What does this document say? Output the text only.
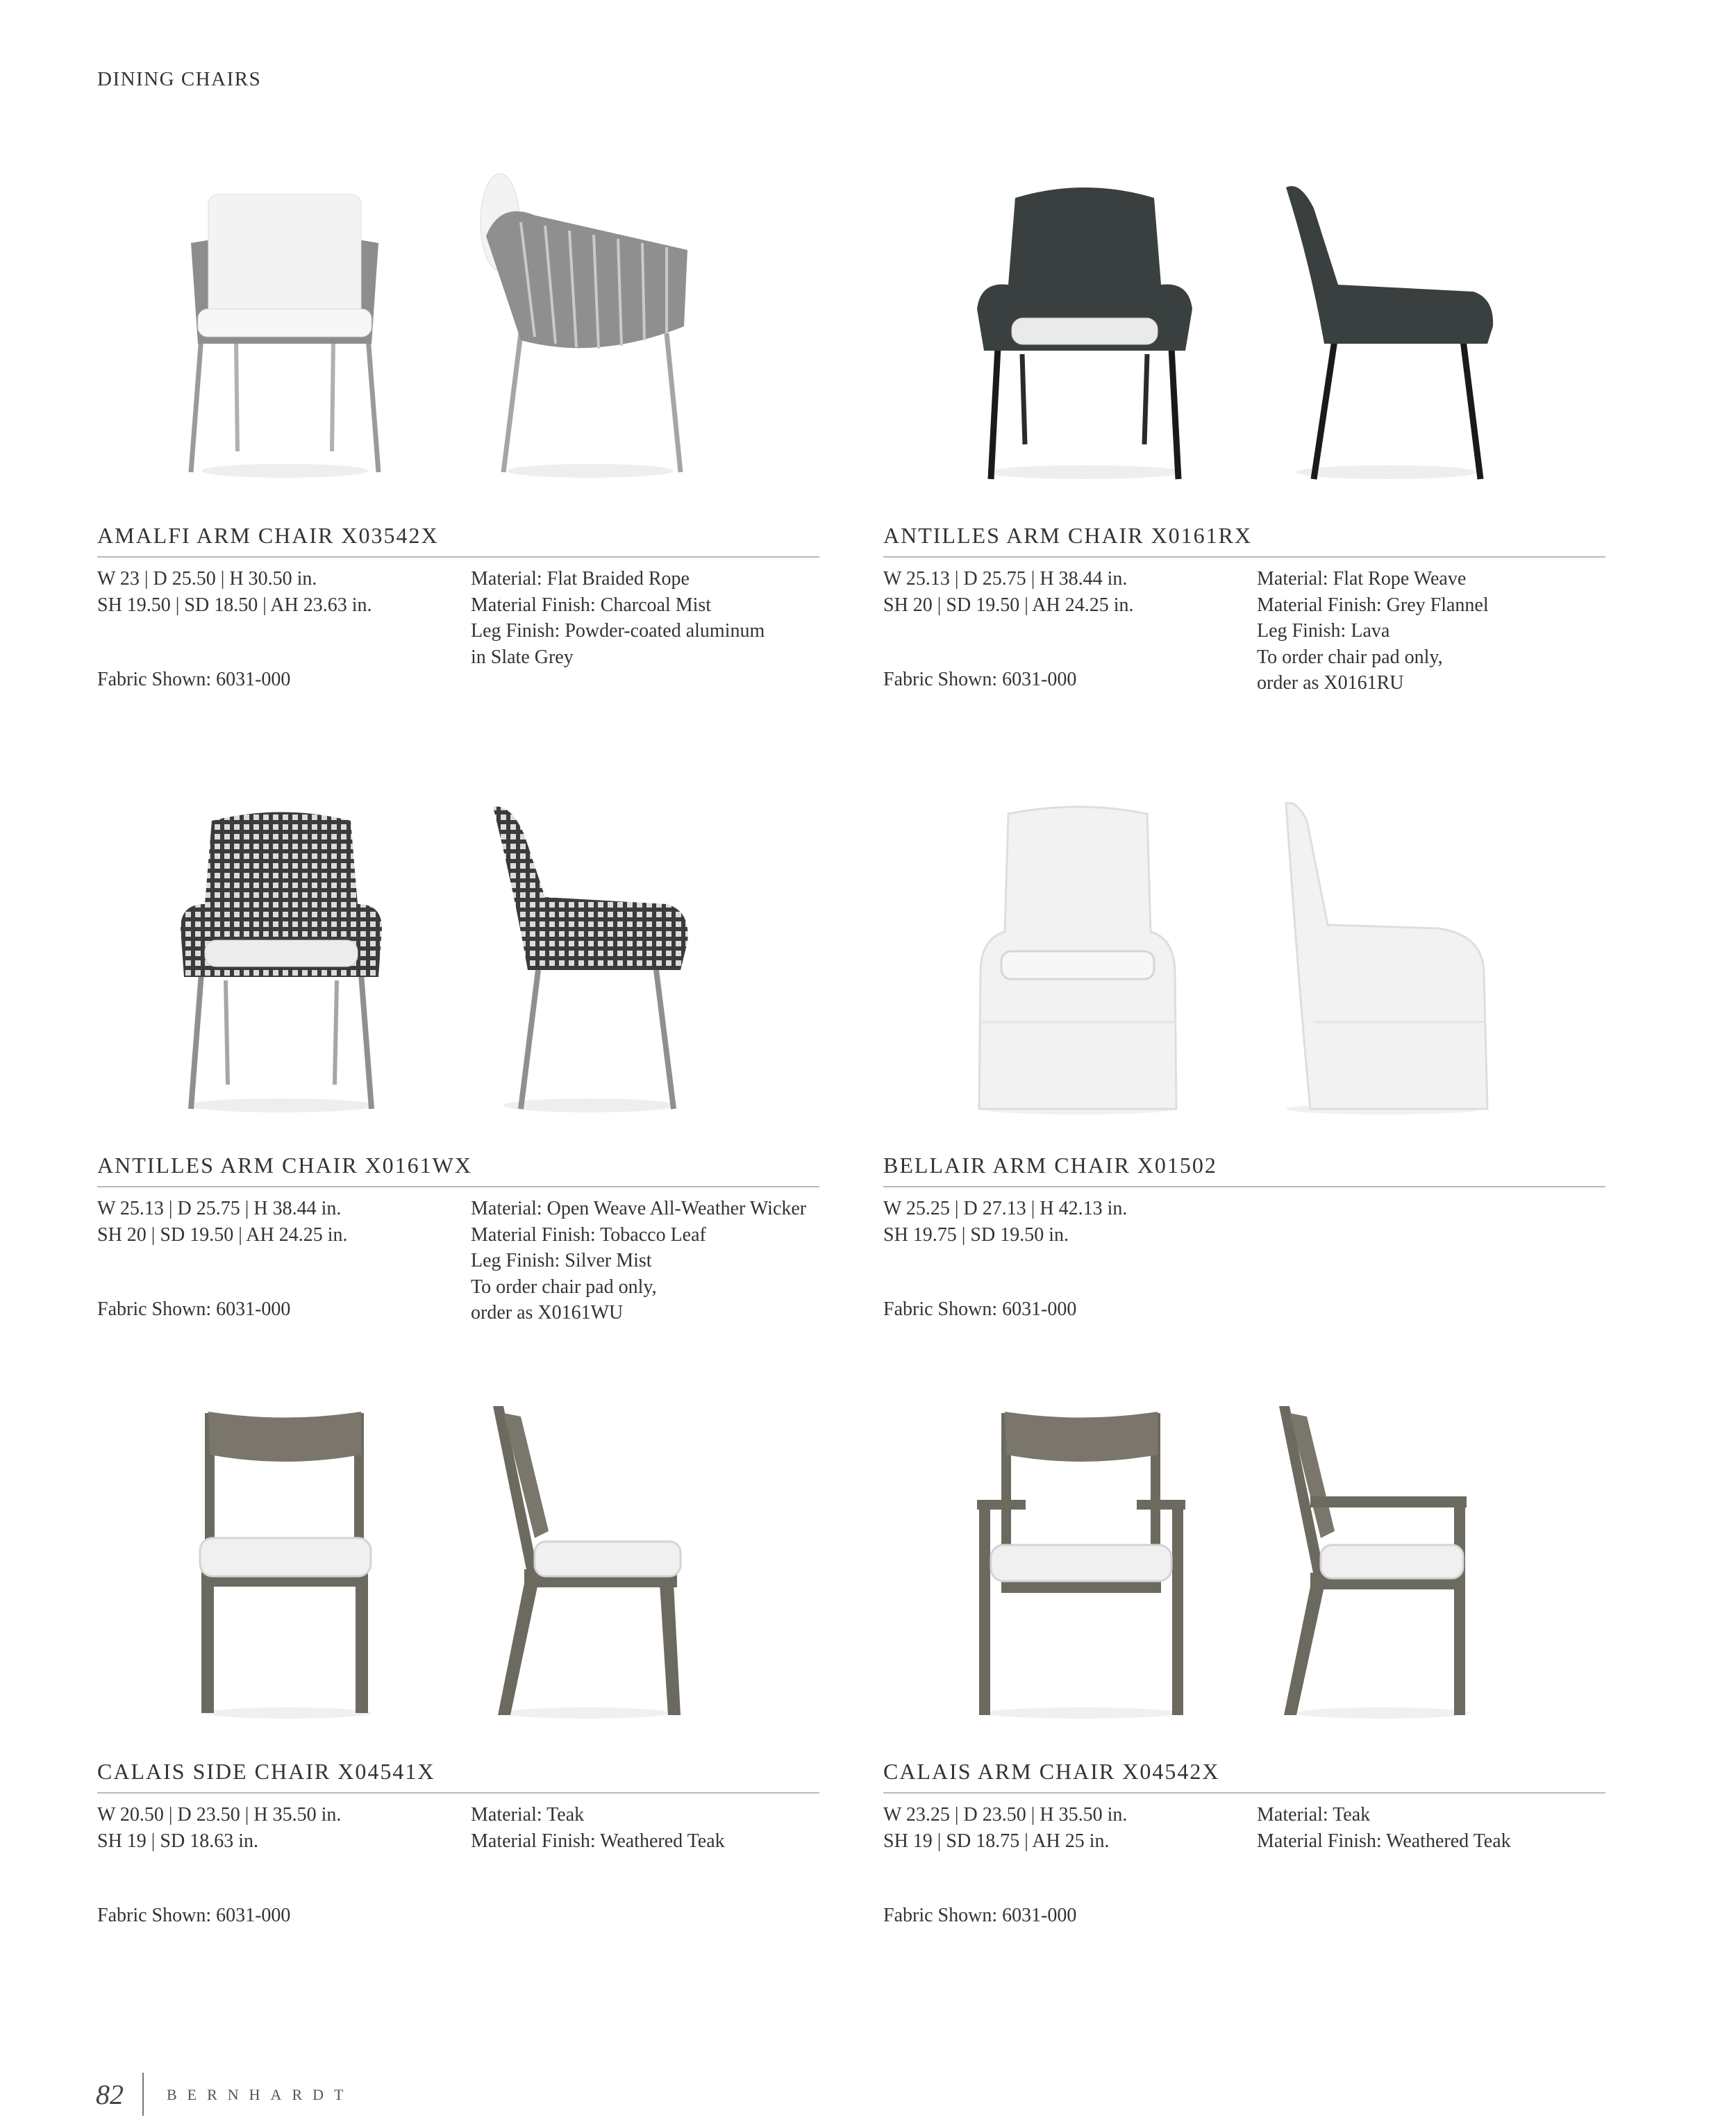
DINING CHAIRS
AMALFI ARM CHAIR X03542X
W 23 | D 25.50 | H 30.50 in.
SH 19.50 | SD 18.50 | AH 23.63 in.
Material: Flat Braided Rope
Material Finish: Charcoal Mist
Leg Finish: Powder-coated aluminum
in Slate Grey
Fabric Shown: 6031-000
ANTILLES ARM CHAIR X0161RX
W 25.13 | D 25.75 | H 38.44 in.
SH 20 | SD 19.50 | AH 24.25 in.
Material: Flat Rope Weave
Material Finish: Grey Flannel
Leg Finish: Lava
To order chair pad only,
order as X0161RU
Fabric Shown: 6031-000
ANTILLES ARM CHAIR X0161WX
W 25.13 | D 25.75 | H 38.44 in.
SH 20 | SD 19.50 | AH 24.25 in.
Material: Open Weave All-Weather Wicker
Material Finish: Tobacco Leaf
Leg Finish: Silver Mist
To order chair pad only,
order as X0161WU
Fabric Shown: 6031-000
BELLAIR ARM CHAIR X01502
W 25.25 | D 27.13 | H 42.13 in.
SH 19.75 | SD 19.50 in.
Fabric Shown: 6031-000
CALAIS SIDE CHAIR X04541X
W 20.50 | D 23.50 | H 35.50 in.
SH 19 | SD 18.63 in.
Material: Teak
Material Finish: Weathered Teak
Fabric Shown: 6031-000
CALAIS ARM CHAIR X04542X
W 23.25 | D 23.50 | H 35.50 in.
SH 19 | SD 18.75 | AH 25 in.
Material: Teak
Material Finish: Weathered Teak
Fabric Shown: 6031-000
82	BERNHARDT
